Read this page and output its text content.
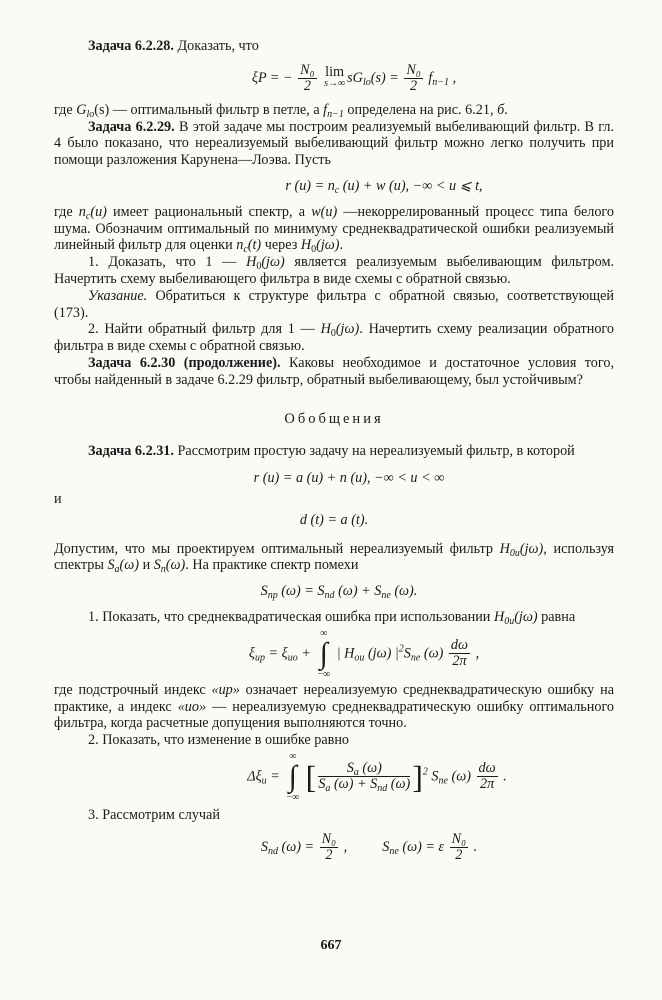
Задача 6.2.28. Доказать, что

ξP = − $\frac{\text{N₀}}{2}$
lim
s→∞ $sG_{lo}(s) = \frac{\text{N₀}}{2} f_{n-1}$ ,

где $G_{lo}(s)$ — оптимальный фильтр в петле, а $f_{n-1}$ определена на рис. 6.21, б.

Задача 6.2.29. В этой задаче мы построим реализуемый выбеливающий фильтр. В гл. 4 было показано, что нереализуемый выбеливающий фильтр можно легко получить при помощи разложения Карунена—Лоэва. Пусть

r $(u) = n_c$ (u) + w (u), −∞ < u ⩽ t,

где $n_c(u)$ имеет рациональный спектр, а w(u) —некоррелированный процесс типа белого шума. Обозначим оптимальный по минимуму среднеквадратической ошибки реализуемый линейный фильтр для оценки $n_c(t)$ через $H_0(j\omega)$.

1. Доказать, что 1 — $H_0(j\omega)$ является реализуемым выбеливающим фильтром. Начертить схему выбеливающего фильтра в виде схемы с обратной связью.

Указание. Обратиться к структуре фильтра с обратной связью, соответствующей (173).

2. Найти обратный фильтр для 1 — $H_0(j\omega)$. Начертить схему реализации обратного фильтра в виде схемы с обратной связью.

Задача 6.2.30 (продолжение). Каковы необходимое и достаточное условия того, чтобы найденный в задаче 6.2.29 фильтр, обратный выбеливающему, был устойчивым?

Обобщения

Задача 6.2.31. Рассмотрим простую задачу на нереализуемый фильтр, в которой

r (u) = a (u) + n (u), −∞ < u < ∞

и

d (t) = a (t).

Допустим, что мы проектируем оптимальный нереализуемый фильтр $H_{0u}(j\omega)$, используя спектры $S_a(\omega)$ и $S_n(\omega)$. На практике спектр помехи

$S_{np}$ $(\omega) = S_{nd}$ $(\omega) + S_{ne}$ (ω).

1. Показать, что среднеквадратическая ошибка при использовании $H_{0u}(j\omega)$ равна

$\xi_{up} = \xi_{uo}$ +
∞
∫
−∞
| $H_{ou}$ (jω) $|^2S_{ne}$ $(\omega) \frac{d\omega}{2\pi}$ ,

где подстрочный индекс «up» означает нереализуемую среднеквадратическую ошибку на практике, а индекс «uo» — нереализуемую среднеквадратическую ошибку оптимального фильтра, когда расчетные допущения выполняются точно.

2. Показать, что изменение в ошибке равно

$\Delta\xi_u$ =
∞
∫
−∞
[ $\frac{S_a (\omega)}{S_a (\omega) + S_{nd} (\omega)} ]^2$ $S_{ne}$ $(\omega) \frac{d\omega}{2\pi}$ .

3. Рассмотрим случай

$S_{nd}$ $(\omega) = \frac{\text{N₀}}{2}$ , $S_{ne}$ (ω) = ε $\frac{\text{N₀}}{2}$ .
667
